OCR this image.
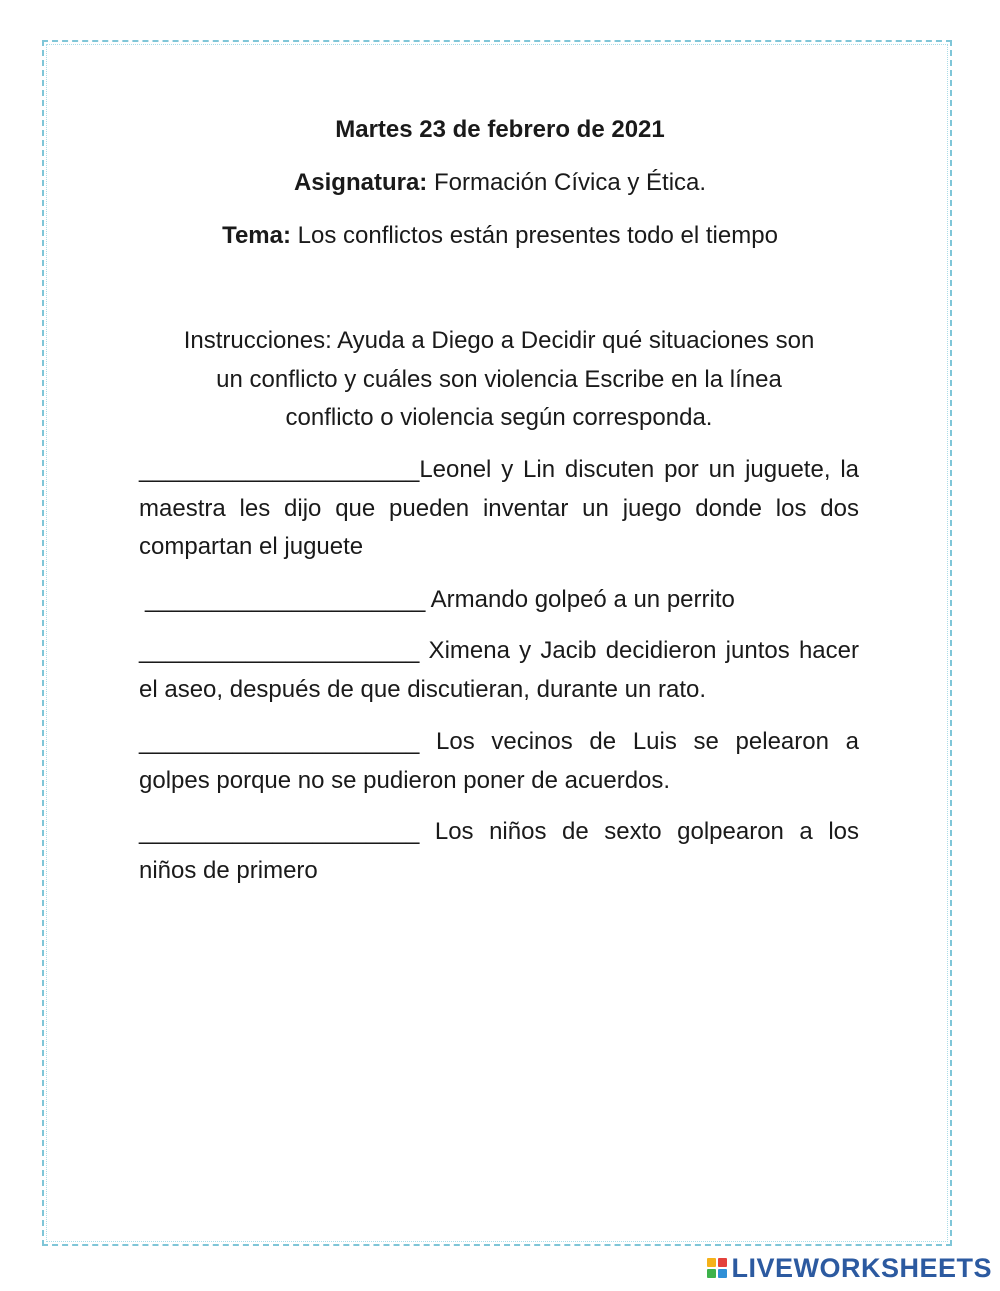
Martes 23 de febrero de 2021
Asignatura: Formación Cívica y Ética.
Tema: Los conflictos están presentes todo el tiempo
Instrucciones: Ayuda a Diego a Decidir qué situaciones son
un conflicto y cuáles son violencia Escribe en la línea
conflicto o violencia según corresponda.
_____________________Leonel y Lin discuten por un juguete, la maestra les dijo que pueden inventar un juego donde los dos compartan el juguete
_____________________ Armando golpeó a un perrito
_____________________ Ximena y Jacib decidieron juntos hacer el aseo, después de que discutieran, durante un rato.
_____________________ Los vecinos de Luis se pelearon a golpes porque no se pudieron poner de acuerdos.
_____________________ Los niños de sexto golpearon a los niños de primero
LIVEWORKSHEETS
